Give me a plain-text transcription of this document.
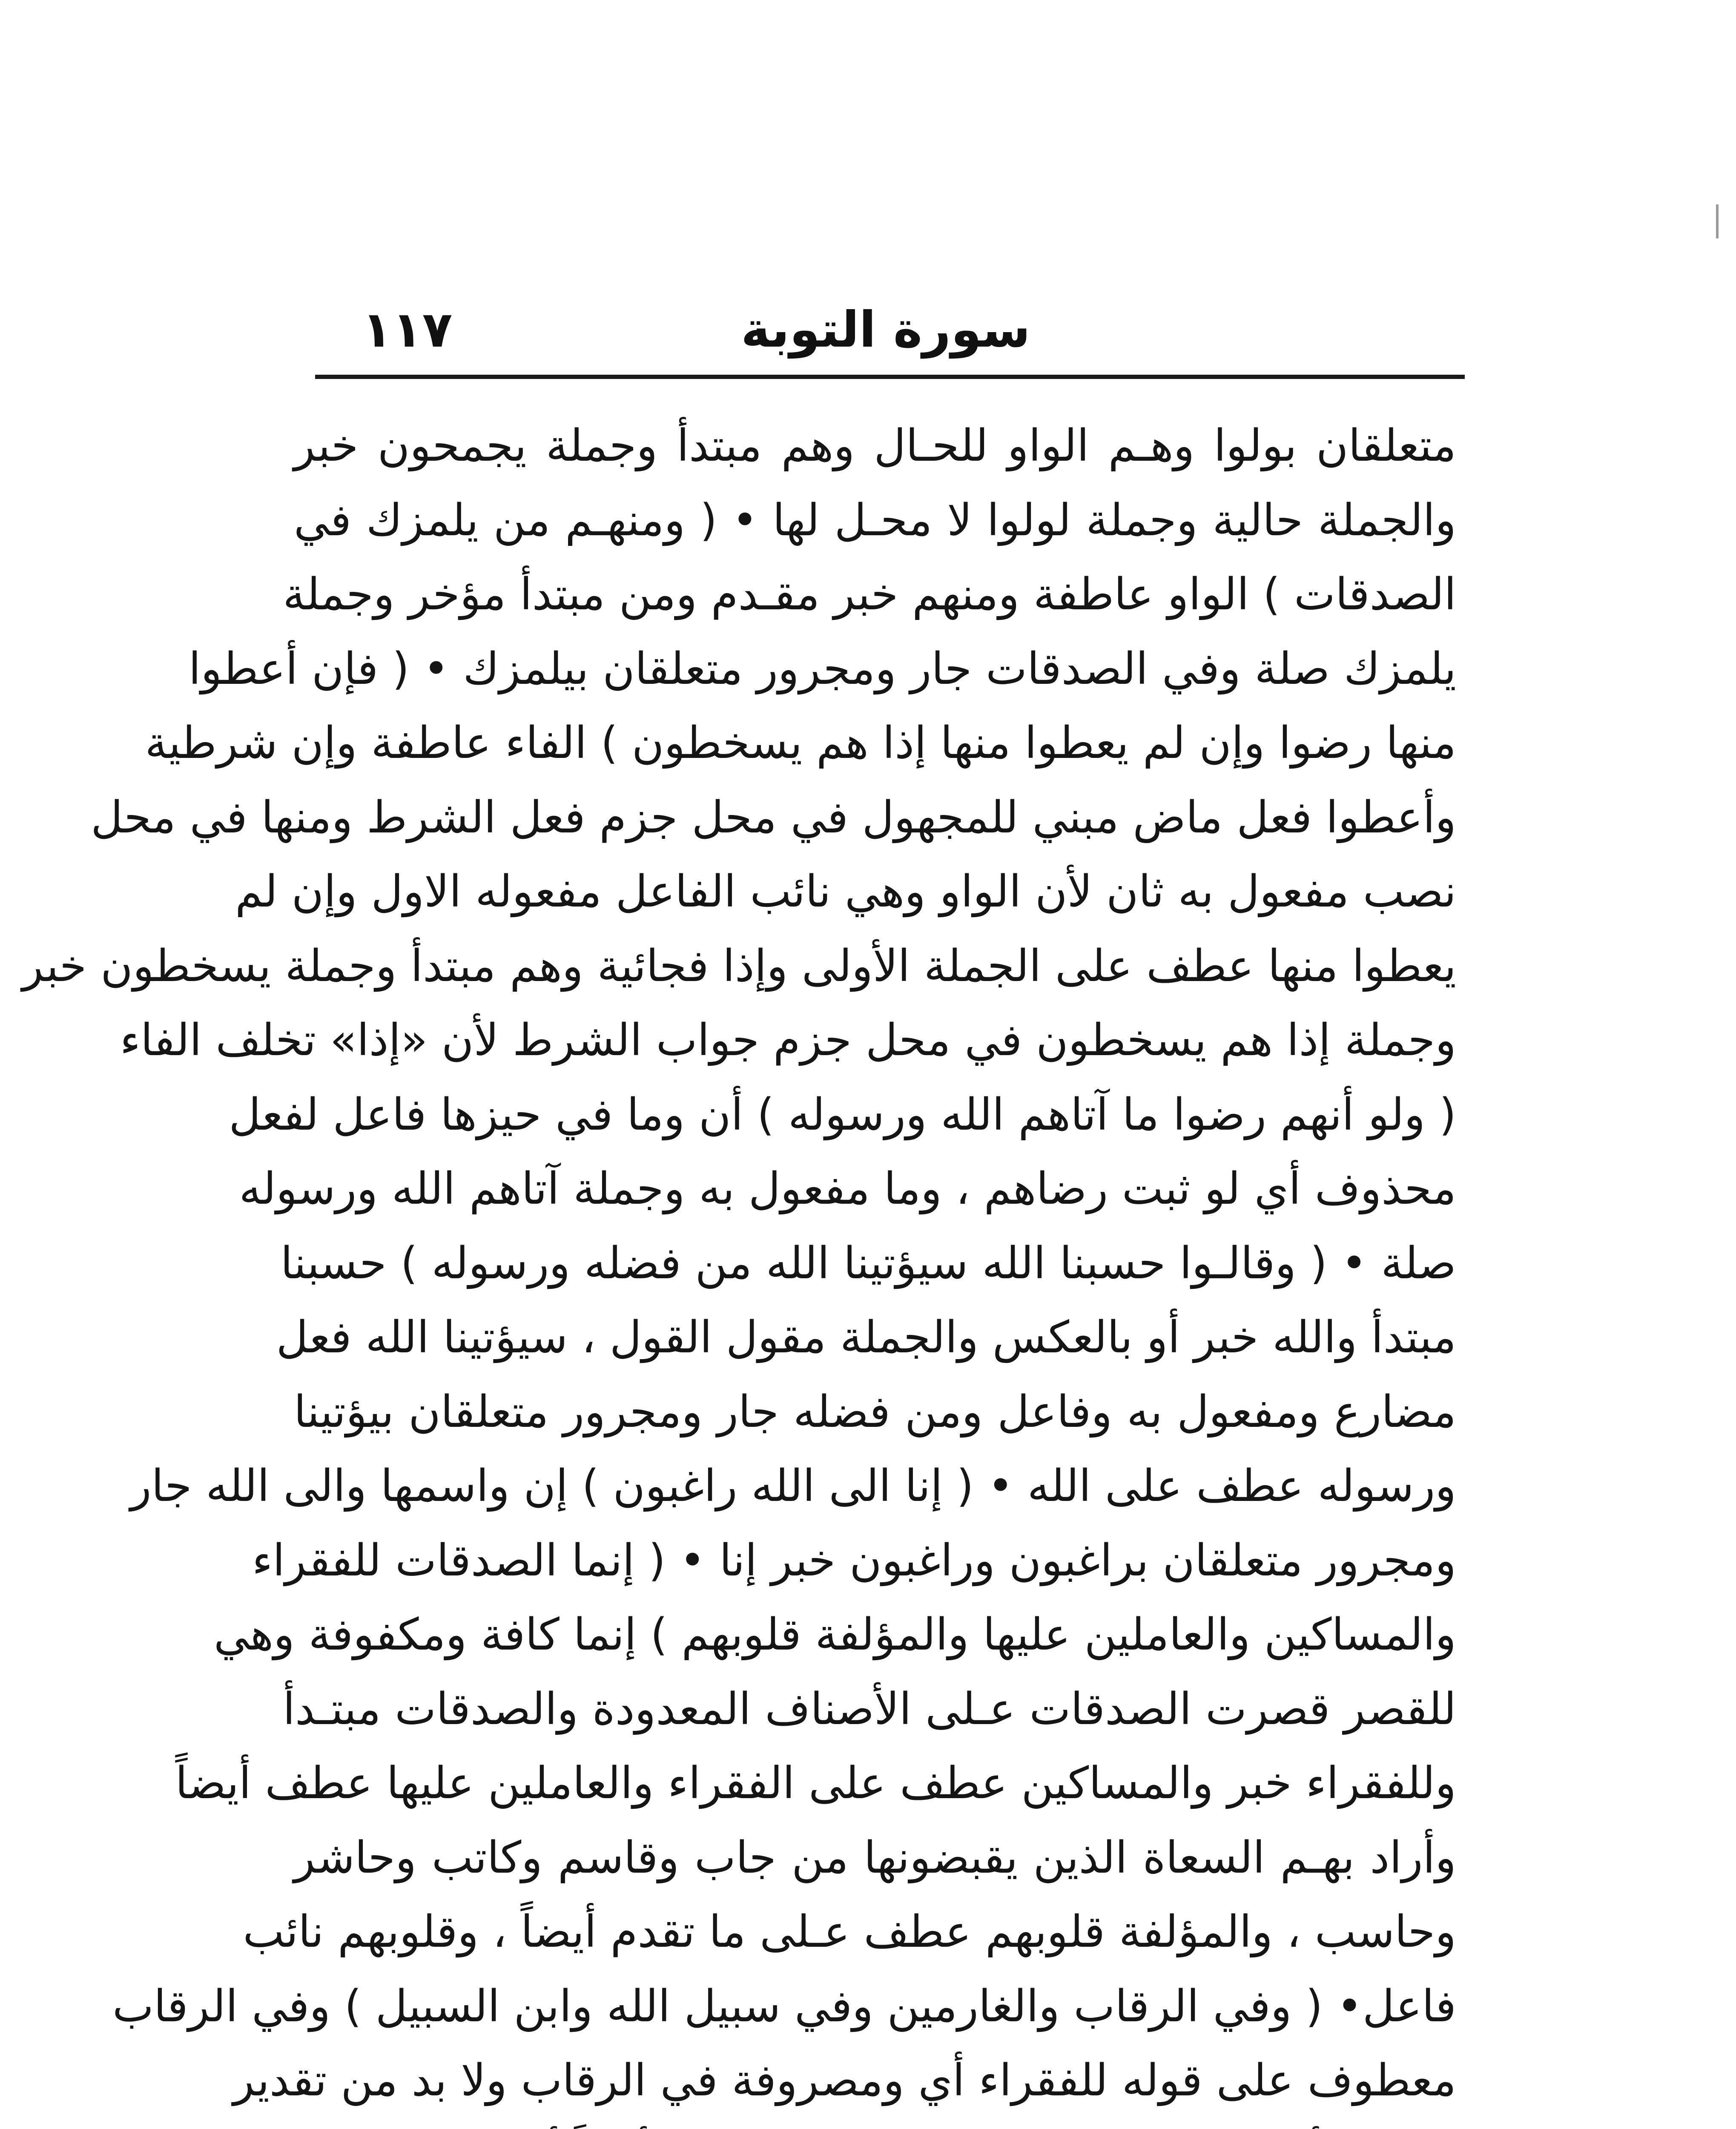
سورة التوبة
١١٧
متعلقان بولوا وهـم الواو للحـال وهم مبتدأ وجملة يجمحون خبر
والجملة حالية وجملة لولوا لا محـل لها • ( ومنهـم من يلمزك في
الصدقات ) الواو عاطفة ومنهم خبر مقـدم ومن مبتدأ مؤخر وجملة
يلمزك صلة وفي الصدقات جار ومجرور متعلقان بيلمزك • ( فإن أعطوا
منها رضوا وإن لم يعطوا منها إذا هم يسخطون ) الفاء عاطفة وإن شرطية
وأعطوا فعل ماض مبني للمجهول في محل جزم فعل الشرط ومنها في محل
نصب مفعول به ثان لأن الواو وهي نائب الفاعل مفعوله الاول وإن لم
يعطوا منها عطف على الجملة الأولى وإذا فجائية وهم مبتدأ وجملة يسخطون خبر
وجملة إذا هم يسخطون في محل جزم جواب الشرط لأن «إذا» تخلف الفاء
( ولو أنهم رضوا ما آتاهم الله ورسوله ) أن وما في حيزها فاعل لفعل
محذوف أي لو ثبت رضاهم ، وما مفعول به وجملة آتاهم الله ورسوله
صلة • ( وقالـوا حسبنا الله سيؤتينا الله من فضله ورسوله ) حسبنا
مبتدأ والله خبر أو بالعكس والجملة مقول القول ، سيؤتينا الله فعل
مضارع ومفعول به وفاعل ومن فضله جار ومجرور متعلقان بيؤتينا
ورسوله عطف على الله • ( إنا الى الله راغبون ) إن واسمها والى الله جار
ومجرور متعلقان براغبون وراغبون خبر إنا • ( إنما الصدقات للفقراء
والمساكين والعاملين عليها والمؤلفة قلوبهم ) إنما كافة ومكفوفة وهي
للقصر قصرت الصدقات عـلى الأصناف المعدودة والصدقات مبتـدأ
وللفقراء خبر والمساكين عطف على الفقراء والعاملين عليها عطف أيضاً
وأراد بهـم السعاة الذين يقبضونها من جاب وقاسم وكاتب وحاشر
وحاسب ، والمؤلفة قلوبهم عطف عـلى ما تقدم أيضاً ، وقلوبهم نائب
فاعل• ( وفي الرقاب والغارمين وفي سبيل الله وابن السبيل ) وفي الرقاب
معطوف على قوله للفقراء أي ومصروفة في الرقاب ولا بد من تقدير
